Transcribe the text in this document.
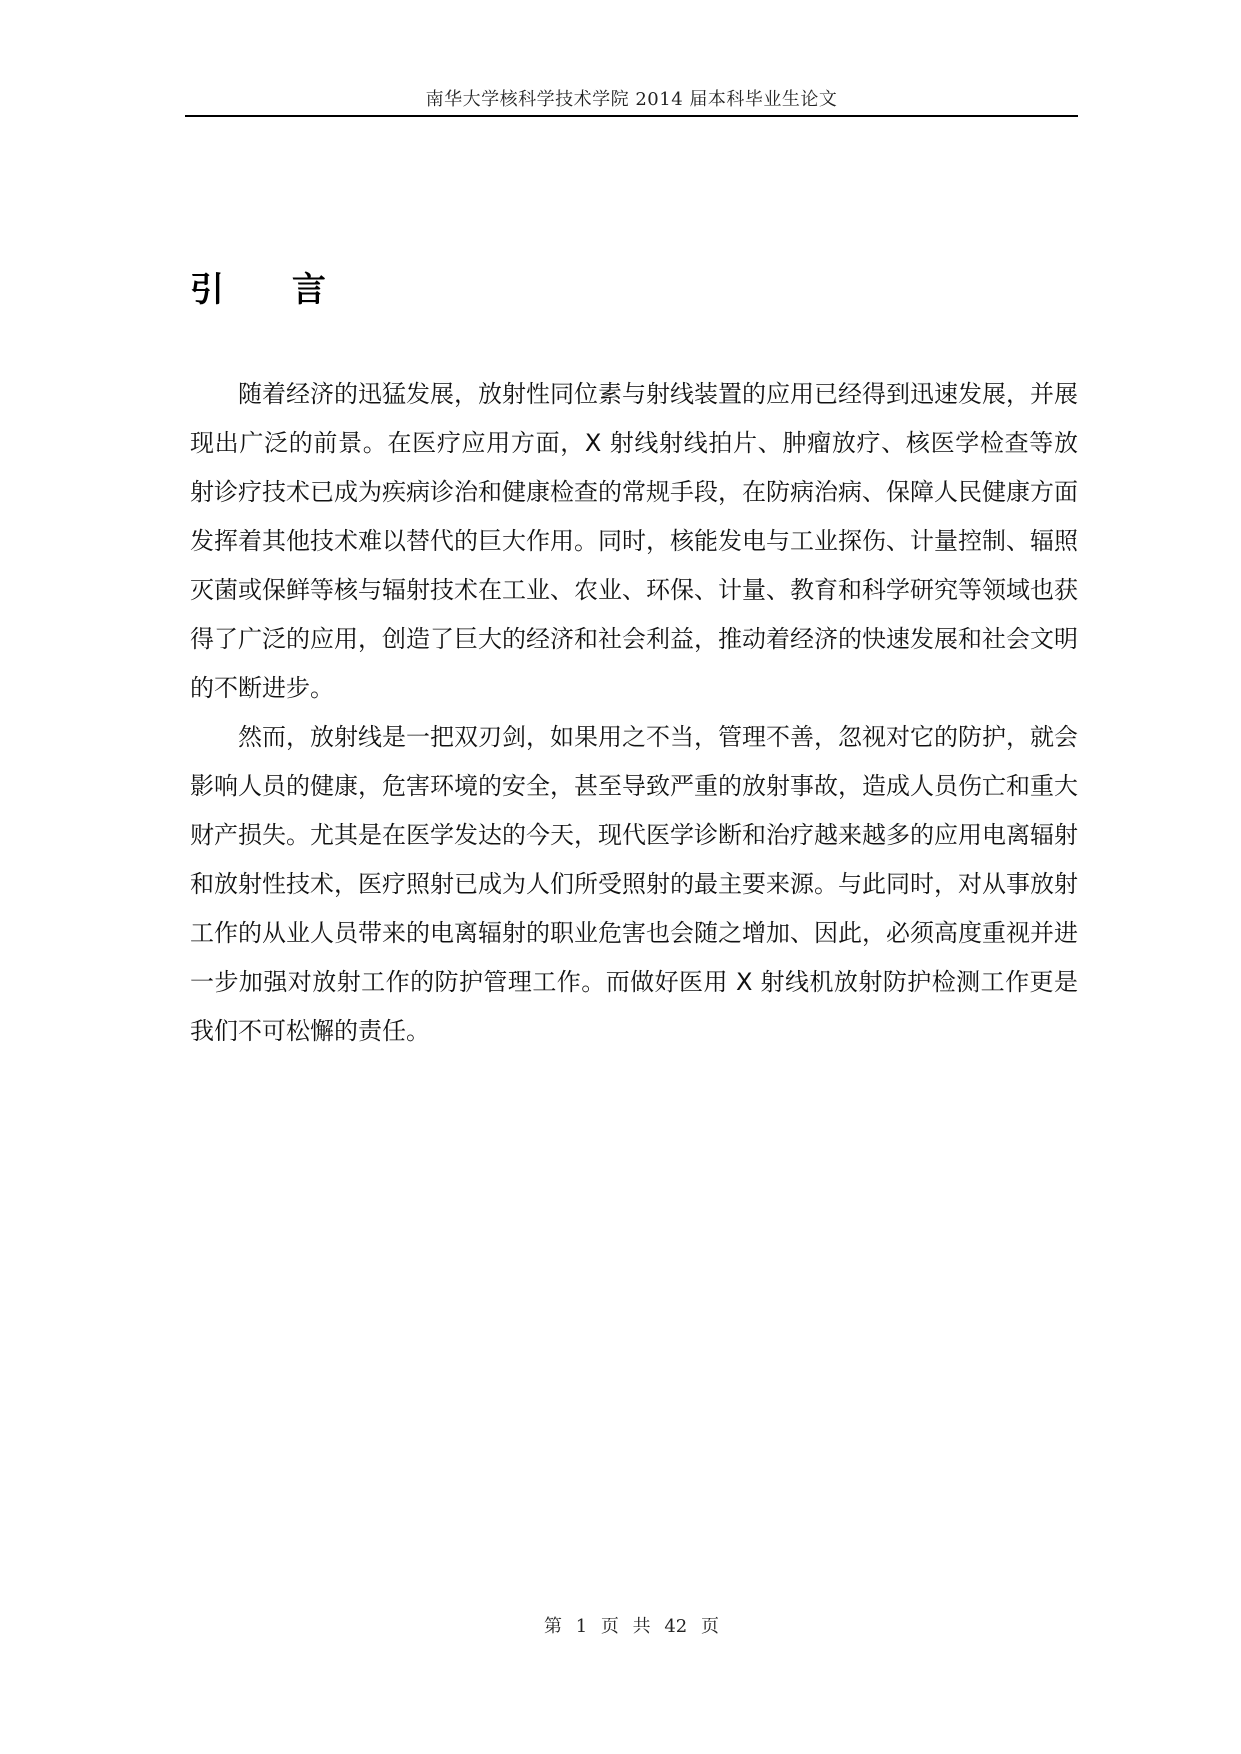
南华大学核科学技术学院 2014 届本科毕业生论文
引 言

随着经济的迅猛发展，放射性同位素与射线装置的应用已经得到迅速发展，并展现出广泛的前景。在医疗应用方面，X 射线射线拍片、肿瘤放疗、核医学检查等放射诊疗技术已成为疾病诊治和健康检查的常规手段，在防病治病、保障人民健康方面发挥着其他技术难以替代的巨大作用。同时，核能发电与工业探伤、计量控制、辐照灭菌或保鲜等核与辐射技术在工业、农业、环保、计量、教育和科学研究等领域也获得了广泛的应用，创造了巨大的经济和社会利益，推动着经济的快速发展和社会文明的不断进步。

然而，放射线是一把双刃剑，如果用之不当，管理不善，忽视对它的防护，就会影响人员的健康，危害环境的安全，甚至导致严重的放射事故，造成人员伤亡和重大财产损失。尤其是在医学发达的今天，现代医学诊断和治疗越来越多的应用电离辐射和放射性技术，医疗照射已成为人们所受照射的最主要来源。与此同时，对从事放射工作的从业人员带来的电离辐射的职业危害也会随之增加、因此，必须高度重视并进一步加强对放射工作的防护管理工作。而做好医用 X 射线机放射防护检测工作更是我们不可松懈的责任。

第 1 页 共 42 页
